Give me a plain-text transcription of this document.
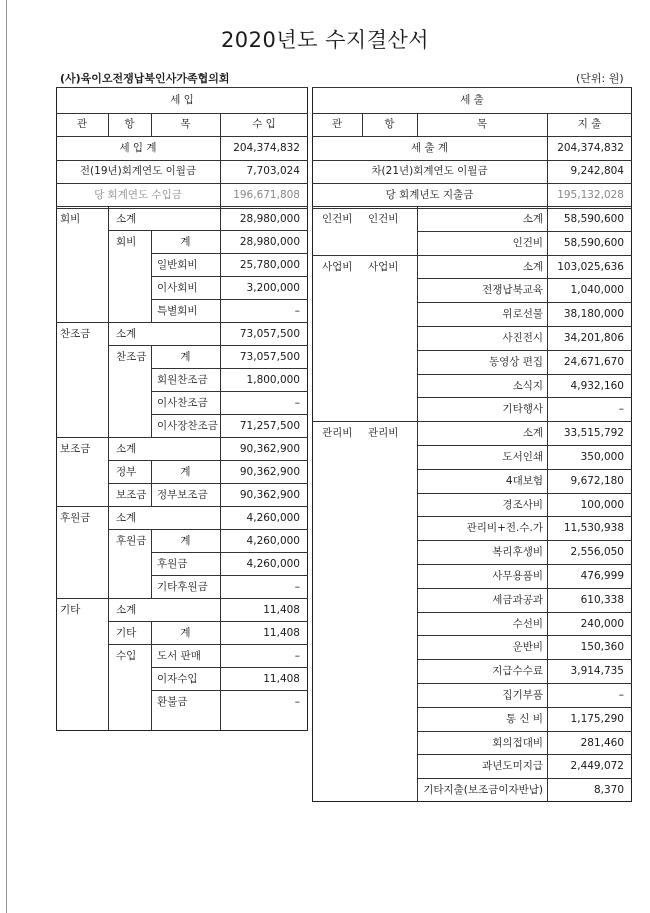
2020년도 수지결산서
(사)육이오전쟁납북인사가족협의회	(단위: 원)
세 입
관	항	목	수 입
세 입 계	204,374,832
전(19년)회계연도 이월금	7,703,024
당 회계연도 수입금	196,671,808
회비	소계	28,980,000
회비	계	28,980,000
일반회비	25,780,000
이사회비	3,200,000
특별회비	–
찬조금	소계	73,057,500
찬조금	계	73,057,500
회원찬조금	1,800,000
이사찬조금	–
이사장찬조금	71,257,500
보조금	소계	90,362,900
정부	계	90,362,900
보조금	정부보조금	90,362,900
후원금	소계	4,260,000
후원금	계	4,260,000
후원금	4,260,000
기타후원금	–
기타	소계	11,408
기타	계	11,408
수입	도서 판매	–
이자수입	11,408
환불금	–
세 출
관	항	목	지 출
세 출 계	204,374,832
차(21년)회계연도 이월금	9,242,804
당 회계년도 지출금	195,132,028
인건비	인건비	소계	58,590,600
인건비	58,590,600
사업비	사업비	소계	103,025,636
전쟁납북교육	1,040,000
위로선물	38,180,000
사진전시	34,201,806
동영상 편집	24,671,670
소식지	4,932,160
기타행사	–
관리비	관리비	소계	33,515,792
도서인쇄	350,000
4대보험	9,672,180
경조사비	100,000
관리비+전.수.가	11,530,938
복리후생비	2,556,050
사무용품비	476,999
세금과공과	610,338
수선비	240,000
운반비	150,360
지급수수료	3,914,735
집기부품	–
통 신 비	1,175,290
회의접대비	281,460
과년도미지급	2,449,072
기타지출(보조금이자반납)	8,370
